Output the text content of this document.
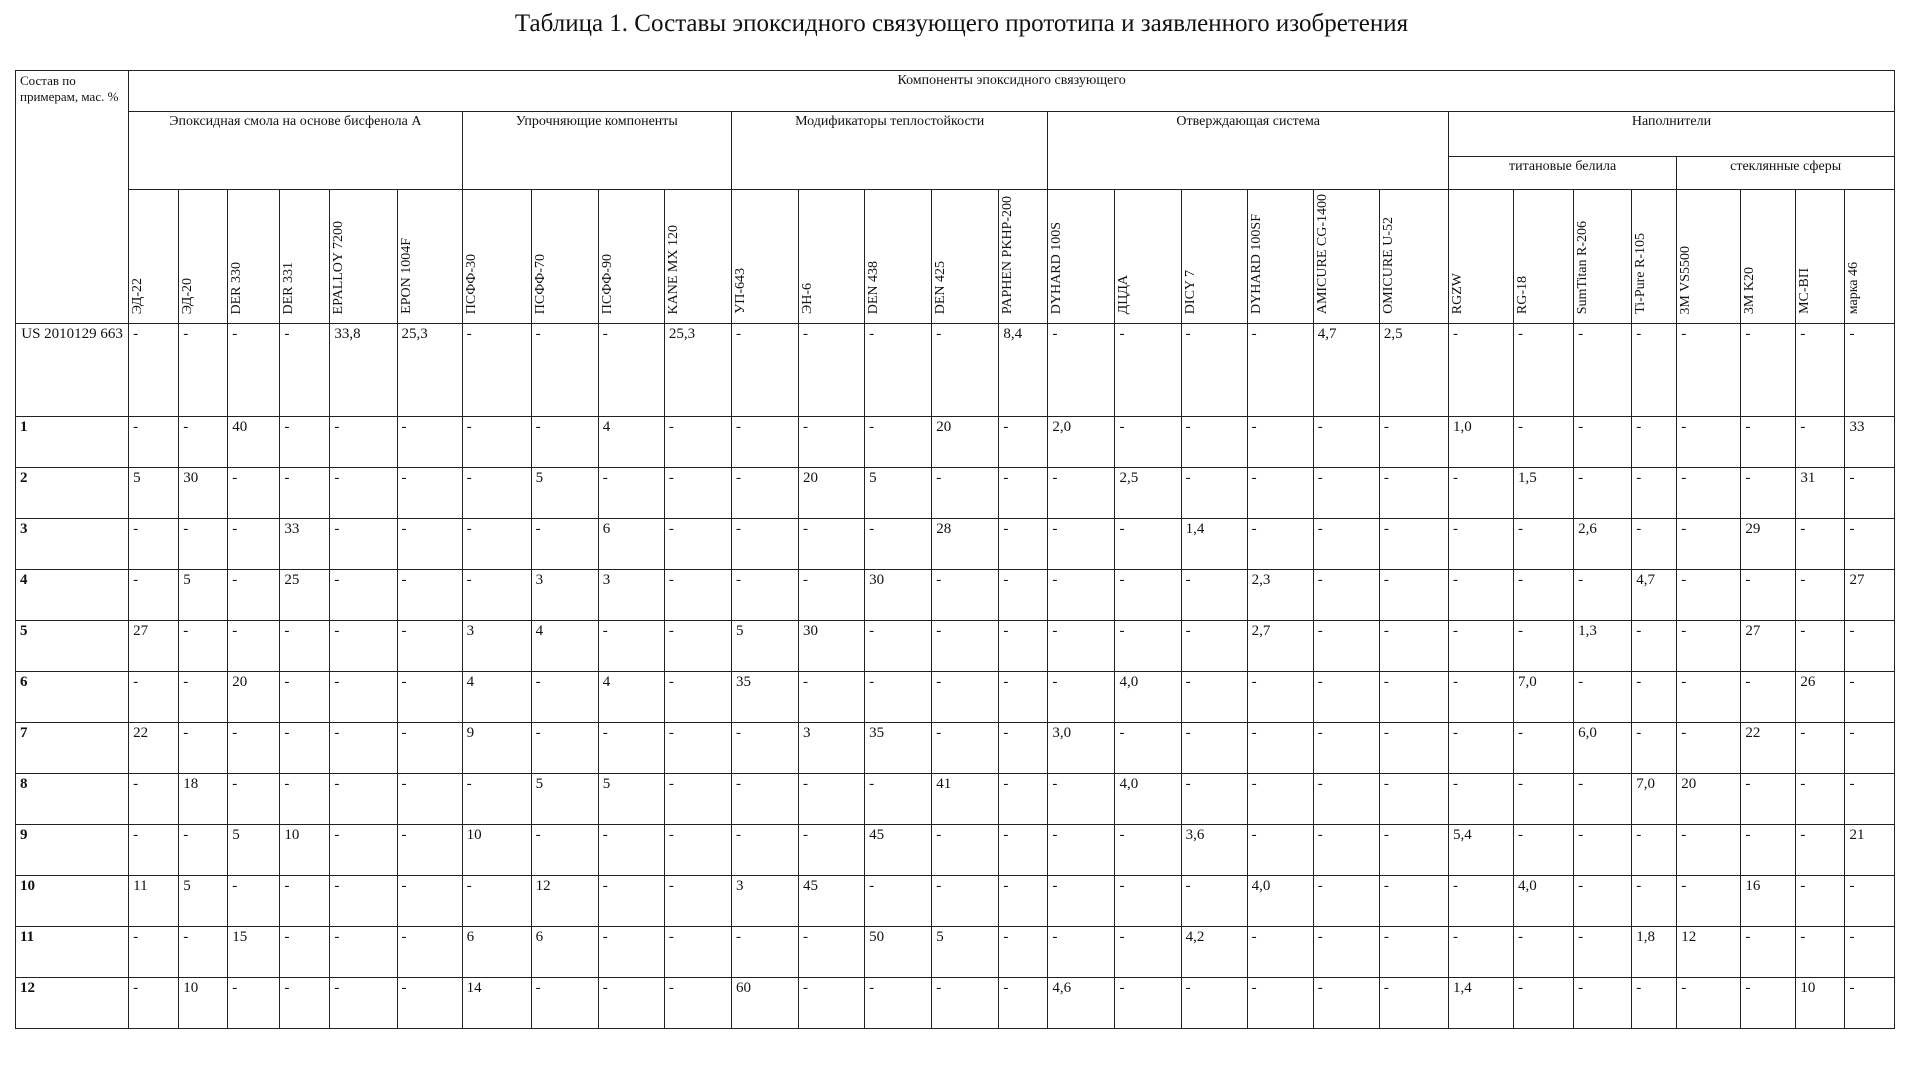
Таблица 1. Составы эпоксидного связующего прототипа и заявленного изобретения
Состав по примерам, мас. %	Компоненты эпоксидного связующего
Эпоксидная смола на основе бисфенола А	Упрочняющие компоненты	Модификаторы теплостойкости	Отверждающая система	Наполнители
титановые белила	стеклянные сферы
ЭД-22	ЭД-20	DER 330	DER 331	EPALLOY 7200	EPON 1004F	ПСФФ-30	ПСФФ-70	ПСФФ-90	KANE MX 120	УП-643	ЭН-6	DEN 438	DEN 425	PAPHEN PKHP-200	DYHARD 100S	ДЦДА	DICY 7	DYHARD 100SF	AMICURE CG-1400	OMICURE U-52	RGZW	RG-18	SumTitan R-206	Ti-Pure R-105	3M VS5500	3M K20	МС-ВП	марка 46
US 2010129 663	-	-	-	-	33,8	25,3	-	-	-	25,3	-	-	-	-	8,4	-	-	-	-	4,7	2,5	-	-	-	-	-	-	-	-
1	-	-	40	-	-	-	-	-	4	-	-	-	-	20	-	2,0	-	-	-	-	-	1,0	-	-	-	-	-	-	33
2	5	30	-	-	-	-	-	5	-	-	-	20	5	-	-	-	2,5	-	-	-	-	-	1,5	-	-	-	-	31	-
3	-	-	-	33	-	-	-	-	6	-	-	-	-	28	-	-	-	1,4	-	-	-	-	-	2,6	-	-	29	-	-
4	-	5	-	25	-	-	-	3	3	-	-	-	30	-	-	-	-	-	2,3	-	-	-	-	-	4,7	-	-	-	27
5	27	-	-	-	-	-	3	4	-	-	5	30	-	-	-	-	-	-	2,7	-	-	-	-	1,3	-	-	27	-	-
6	-	-	20	-	-	-	4	-	4	-	35	-	-	-	-	-	4,0	-	-	-	-	-	7,0	-	-	-	-	26	-
7	22	-	-	-	-	-	9	-	-	-	-	3	35	-	-	3,0	-	-	-	-	-	-	-	6,0	-	-	22	-	-
8	-	18	-	-	-	-	-	5	5	-	-	-	-	41	-	-	4,0	-	-	-	-	-	-	-	7,0	20	-	-	-
9	-	-	5	10	-	-	10	-	-	-	-	-	45	-	-	-	-	3,6	-	-	-	5,4	-	-	-	-	-	-	21
10	11	5	-	-	-	-	-	12	-	-	3	45	-	-	-	-	-	-	4,0	-	-	-	4,0	-	-	-	16	-	-
11	-	-	15	-	-	-	6	6	-	-	-	-	50	5	-	-	-	4,2	-	-	-	-	-	-	1,8	12	-	-	-
12	-	10	-	-	-	-	14	-	-	-	60	-	-	-	-	4,6	-	-	-	-	-	1,4	-	-	-	-	-	10	-
